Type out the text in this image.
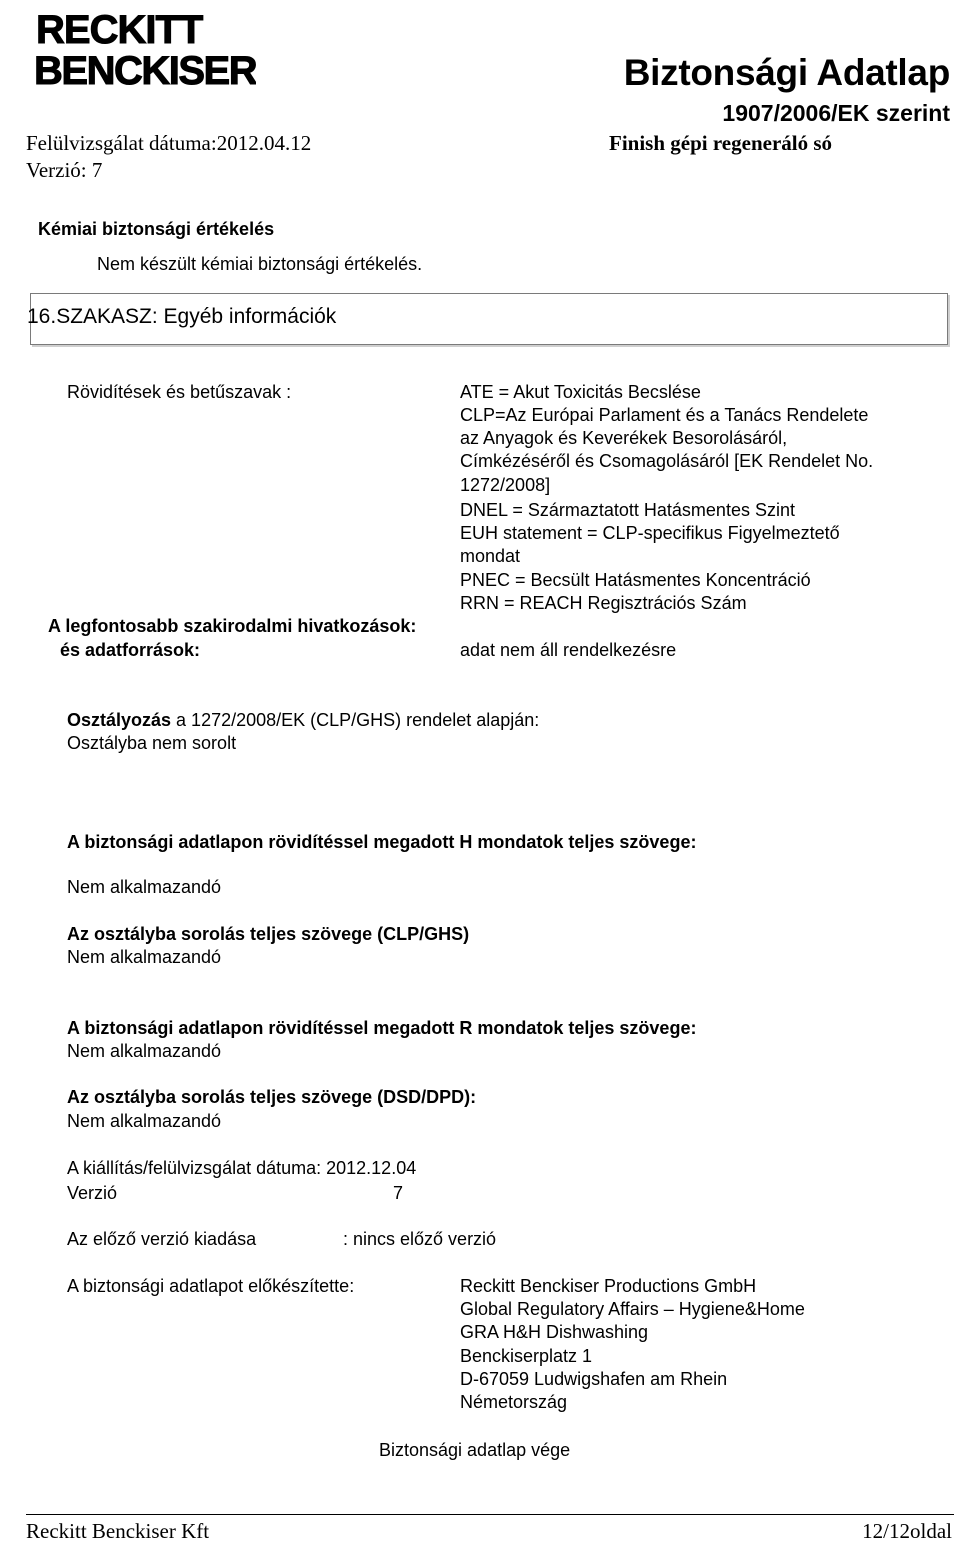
RECKITT
BENCKISER	Biztonsági Adatlap
1907/2006/EK szerint
Felülvizsgálat dátuma:2012.04.12	Finish gépi regeneráló só
Verzió: 7
Kémiai biztonsági értékelés
Nem készült kémiai biztonsági értékelés.
16.SZAKASZ: Egyéb információk
Rövidítések és betűszavak :	ATE = Akut Toxicitás Becslése
CLP=Az Európai Parlament és a Tanács Rendelete
az Anyagok és Keverékek Besorolásáról,
Címkézéséről és Csomagolásáról [EK Rendelet No.
1272/2008]
DNEL = Származtatott Hatásmentes Szint
EUH statement = CLP-specifikus Figyelmeztető
mondat
PNEC = Becsült Hatásmentes Koncentráció
RRN = REACH Regisztrációs Szám
A legfontosabb szakirodalmi hivatkozások:
és adatforrások:	adat nem áll rendelkezésre
Osztályozás a 1272/2008/EK (CLP/GHS) rendelet alapján:
Osztályba nem sorolt
A biztonsági adatlapon rövidítéssel megadott H mondatok teljes szövege:
Nem alkalmazandó
Az osztályba sorolás teljes szövege (CLP/GHS)
Nem alkalmazandó
A biztonsági adatlapon rövidítéssel megadott R mondatok teljes szövege:
Nem alkalmazandó
Az osztályba sorolás teljes szövege (DSD/DPD):
Nem alkalmazandó
A kiállítás/felülvizsgálat dátuma: 2012.12.04
Verzió	7
Az előző verzió kiadása	: nincs előző verzió
A biztonsági adatlapot előkészítette:	Reckitt Benckiser Productions GmbH
Global Regulatory Affairs – Hygiene&Home
GRA H&H Dishwashing
Benckiserplatz 1
D-67059 Ludwigshafen am Rhein
Németország
Biztonsági adatlap vége
Reckitt Benckiser Kft	12/12oldal
